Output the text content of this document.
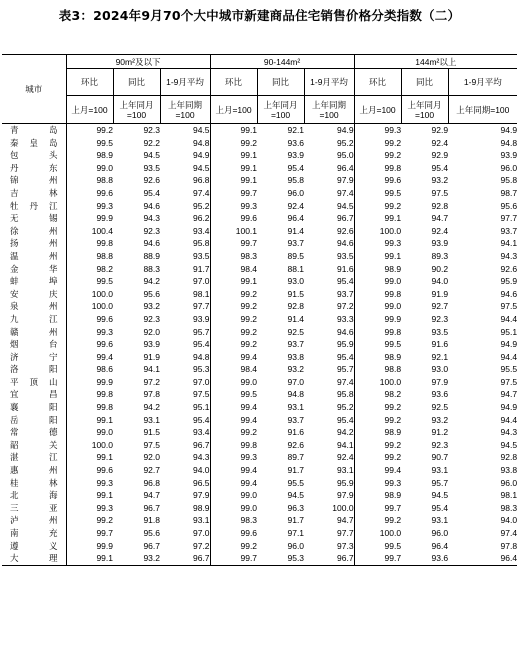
表3：2024年9月70个大中城市新建商品住宅销售价格分类指数（二）
城市	90m²及以下			90-144m²			144m²以上		
	环比	同比	1-9月平均	环比	同比	1-9月平均	环比	同比	1-9月平均
	上月=100	上年同月=100	上年同期=100	上月=100	上年同月=100	上年同期=100	上月=100	上年同月=100	上年同期=100
青岛	99.2	92.3	94.5	99.1	92.1	94.9	99.3	92.9	94.9
秦皇岛	99.5	92.2	94.8	99.2	93.6	95.2	99.2	92.4	94.8
包头	98.9	94.5	94.9	99.1	93.9	95.0	99.2	92.9	93.9
丹东	99.0	93.5	94.5	99.1	95.4	96.4	99.8	95.4	96.0
锦州	98.8	92.6	96.8	99.1	95.8	97.9	99.6	93.2	95.8
吉林	99.6	95.4	97.4	99.7	96.0	97.4	99.5	97.5	98.7
牡丹江	99.3	94.6	95.2	99.3	92.4	94.5	99.2	92.8	95.6
无锡	99.9	94.3	96.2	99.6	96.4	96.7	99.1	94.7	97.7
徐州	100.4	92.3	93.4	100.1	91.4	92.6	100.0	92.4	93.7
扬州	99.8	94.6	95.8	99.7	93.7	94.6	99.3	93.9	94.1
温州	98.8	88.9	93.5	98.3	89.5	93.5	99.1	89.3	94.3
金华	98.2	88.3	91.7	98.4	88.1	91.6	98.9	90.2	92.6
蚌埠	99.5	94.2	97.0	99.1	93.0	95.4	99.0	94.0	95.9
安庆	100.0	95.6	98.1	99.2	91.5	93.7	99.8	91.9	94.6
泉州	100.0	93.2	97.7	99.2	92.8	97.2	99.0	92.7	97.5
九江	99.6	92.3	93.9	99.2	91.4	93.3	99.9	92.3	94.4
赣州	99.3	92.0	95.7	99.2	92.5	94.6	99.8	93.5	95.1
烟台	99.6	93.9	95.4	99.2	93.7	95.9	99.5	91.6	94.9
济宁	99.4	91.9	94.8	99.4	93.8	95.4	98.9	92.1	94.4
洛阳	98.6	94.1	95.3	98.4	93.2	95.7	98.8	93.0	95.5
平顶山	99.9	97.2	97.0	99.0	97.0	97.4	100.0	97.9	97.5
宜昌	99.8	97.8	97.5	99.5	94.8	95.8	98.2	93.6	94.7
襄阳	99.8	94.2	95.1	99.4	93.1	95.2	99.2	92.5	94.9
岳阳	99.1	93.1	95.4	99.4	93.7	95.4	99.2	93.2	94.4
常德	99.0	91.5	93.4	99.2	91.6	94.2	98.9	91.2	94.3
韶关	100.0	97.5	96.7	99.8	92.6	94.1	99.2	92.3	94.5
湛江	99.1	92.0	94.3	99.3	89.7	92.4	99.2	90.7	92.8
惠州	99.6	92.7	94.0	99.4	91.7	93.1	99.4	93.1	93.8
桂林	99.3	96.8	96.5	99.4	95.5	95.9	99.3	95.7	96.0
北海	99.1	94.7	97.9	99.0	94.5	97.9	98.9	94.5	98.1
三亚	99.3	96.7	98.9	99.0	96.3	100.0	99.7	95.4	98.3
泸州	99.2	91.8	93.1	98.3	91.7	94.7	99.2	93.1	94.0
南充	99.7	95.6	97.0	99.6	97.1	97.7	100.0	96.0	97.4
遵义	99.9	96.7	97.2	99.2	96.0	97.3	99.5	96.4	97.8
大理	99.1	93.2	96.7	99.7	95.3	96.7	99.7	93.6	96.4
